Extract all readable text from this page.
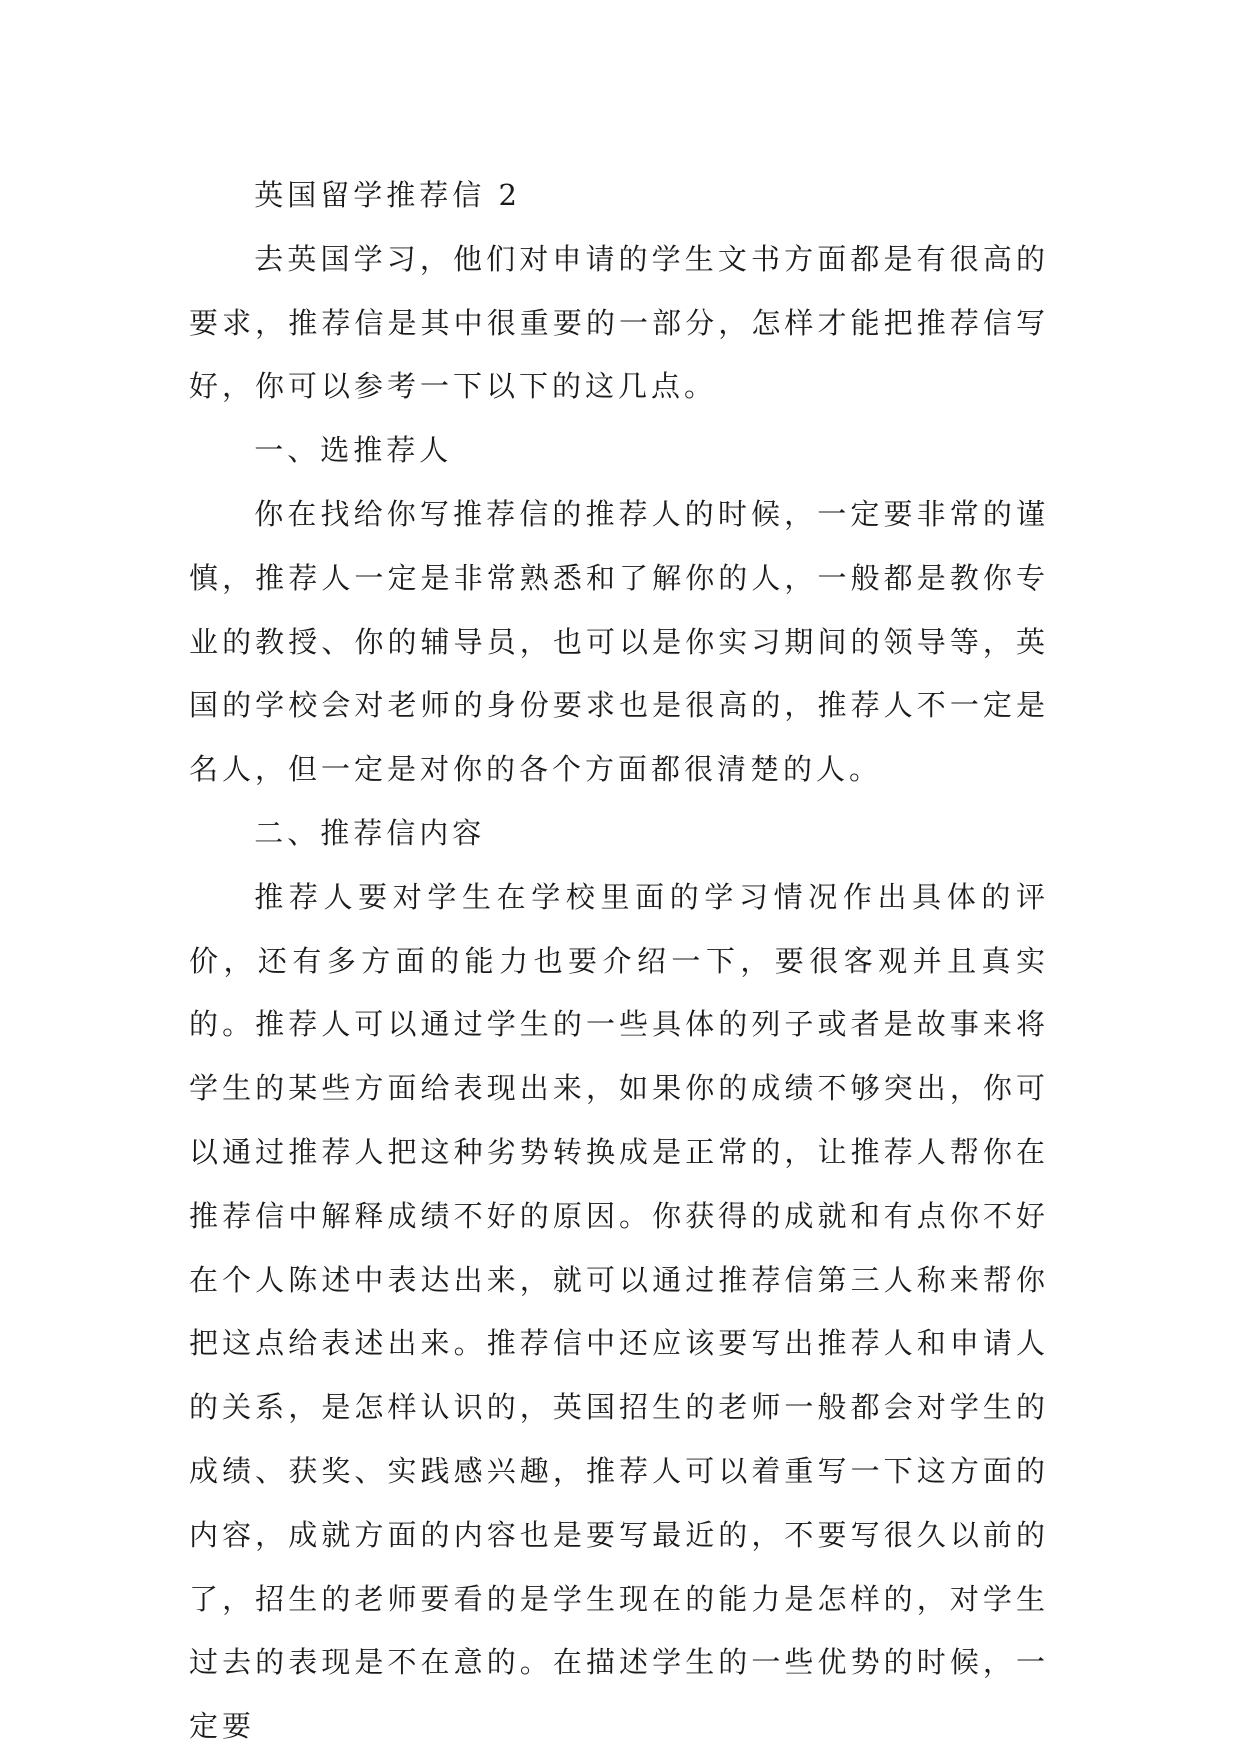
英国留学推荐信 2

去英国学习，他们对申请的学生文书方面都是有很高的要求，推荐信是其中很重要的一部分，怎样才能把推荐信写好，你可以参考一下以下的这几点。

一、选推荐人

你在找给你写推荐信的推荐人的时候，一定要非常的谨慎，推荐人一定是非常熟悉和了解你的人，一般都是教你专业的教授、你的辅导员，也可以是你实习期间的领导等，英国的学校会对老师的身份要求也是很高的，推荐人不一定是名人，但一定是对你的各个方面都很清楚的人。

二、推荐信内容

推荐人要对学生在学校里面的学习情况作出具体的评价，还有多方面的能力也要介绍一下，要很客观并且真实的。推荐人可以通过学生的一些具体的列子或者是故事来将学生的某些方面给表现出来，如果你的成绩不够突出，你可以通过推荐人把这种劣势转换成是正常的，让推荐人帮你在推荐信中解释成绩不好的原因。你获得的成就和有点你不好在个人陈述中表达出来，就可以通过推荐信第三人称来帮你把这点给表述出来。推荐信中还应该要写出推荐人和申请人的关系，是怎样认识的，英国招生的老师一般都会对学生的成绩、获奖、实践感兴趣，推荐人可以着重写一下这方面的内容，成就方面的内容也是要写最近的，不要写很久以前的了，招生的老师要看的是学生现在的能力是怎样的，对学生过去的表现是不在意的。在描述学生的一些优势的时候，一定要
